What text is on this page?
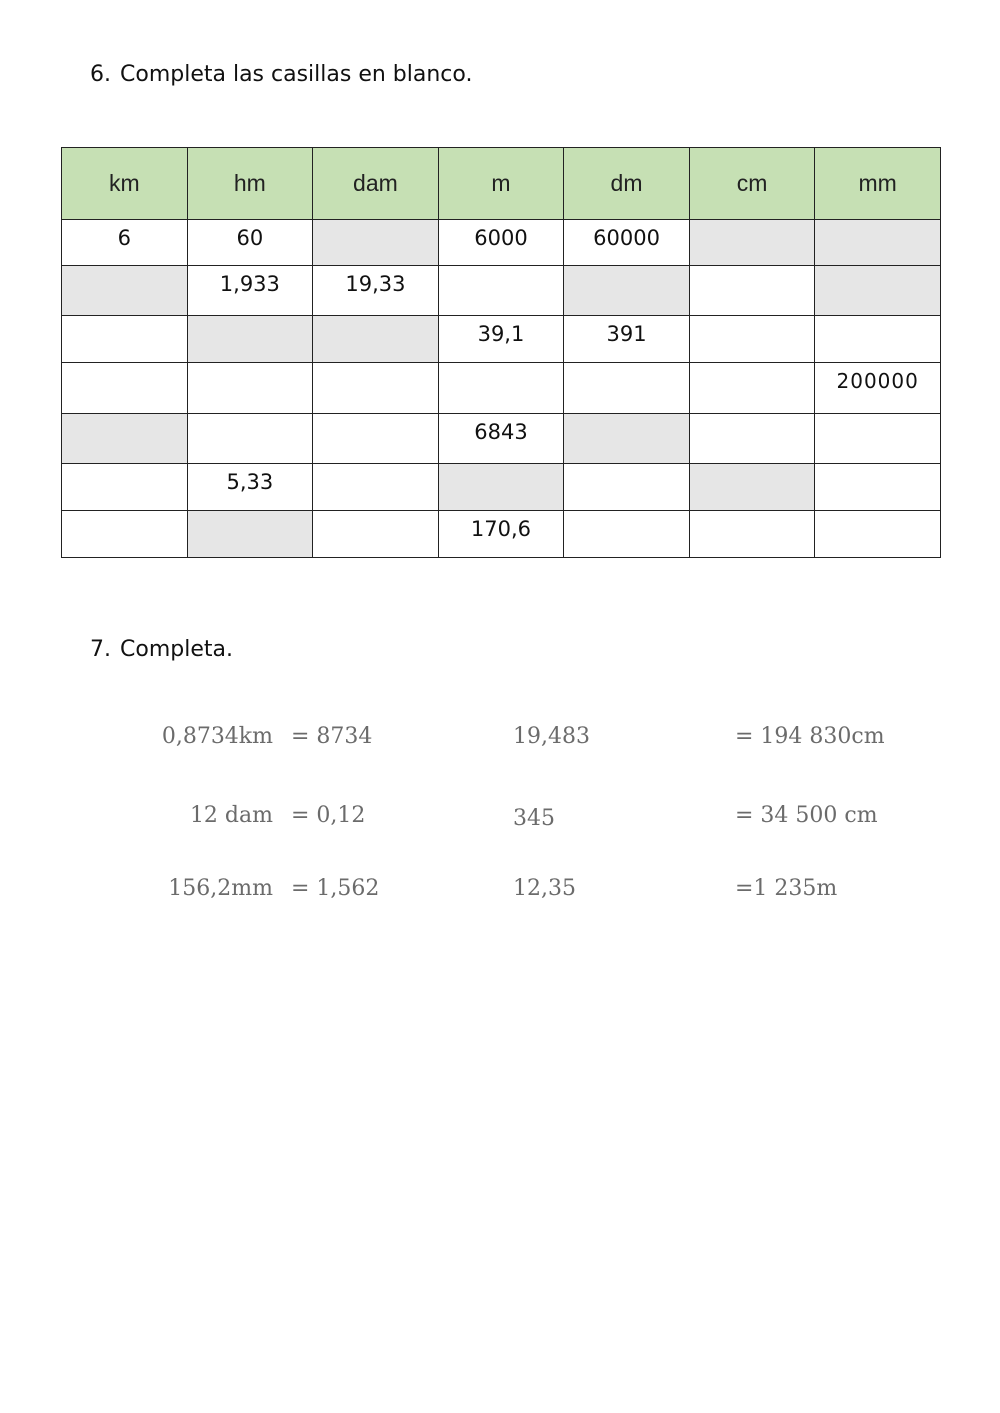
6. Completa las casillas en blanco.
km	hm	dam	m	dm	cm	mm
6	60		6000	60000		
	1,933	19,33				
			39,1	391		
						200000
			6843			
	5,33					
			170,6			
7. Completa.
0,8734km = 8734	19,483	= 194 830cm
12 dam = 0,12	345	= 34 500 cm
156,2mm = 1,562	12,35	=1 235m
